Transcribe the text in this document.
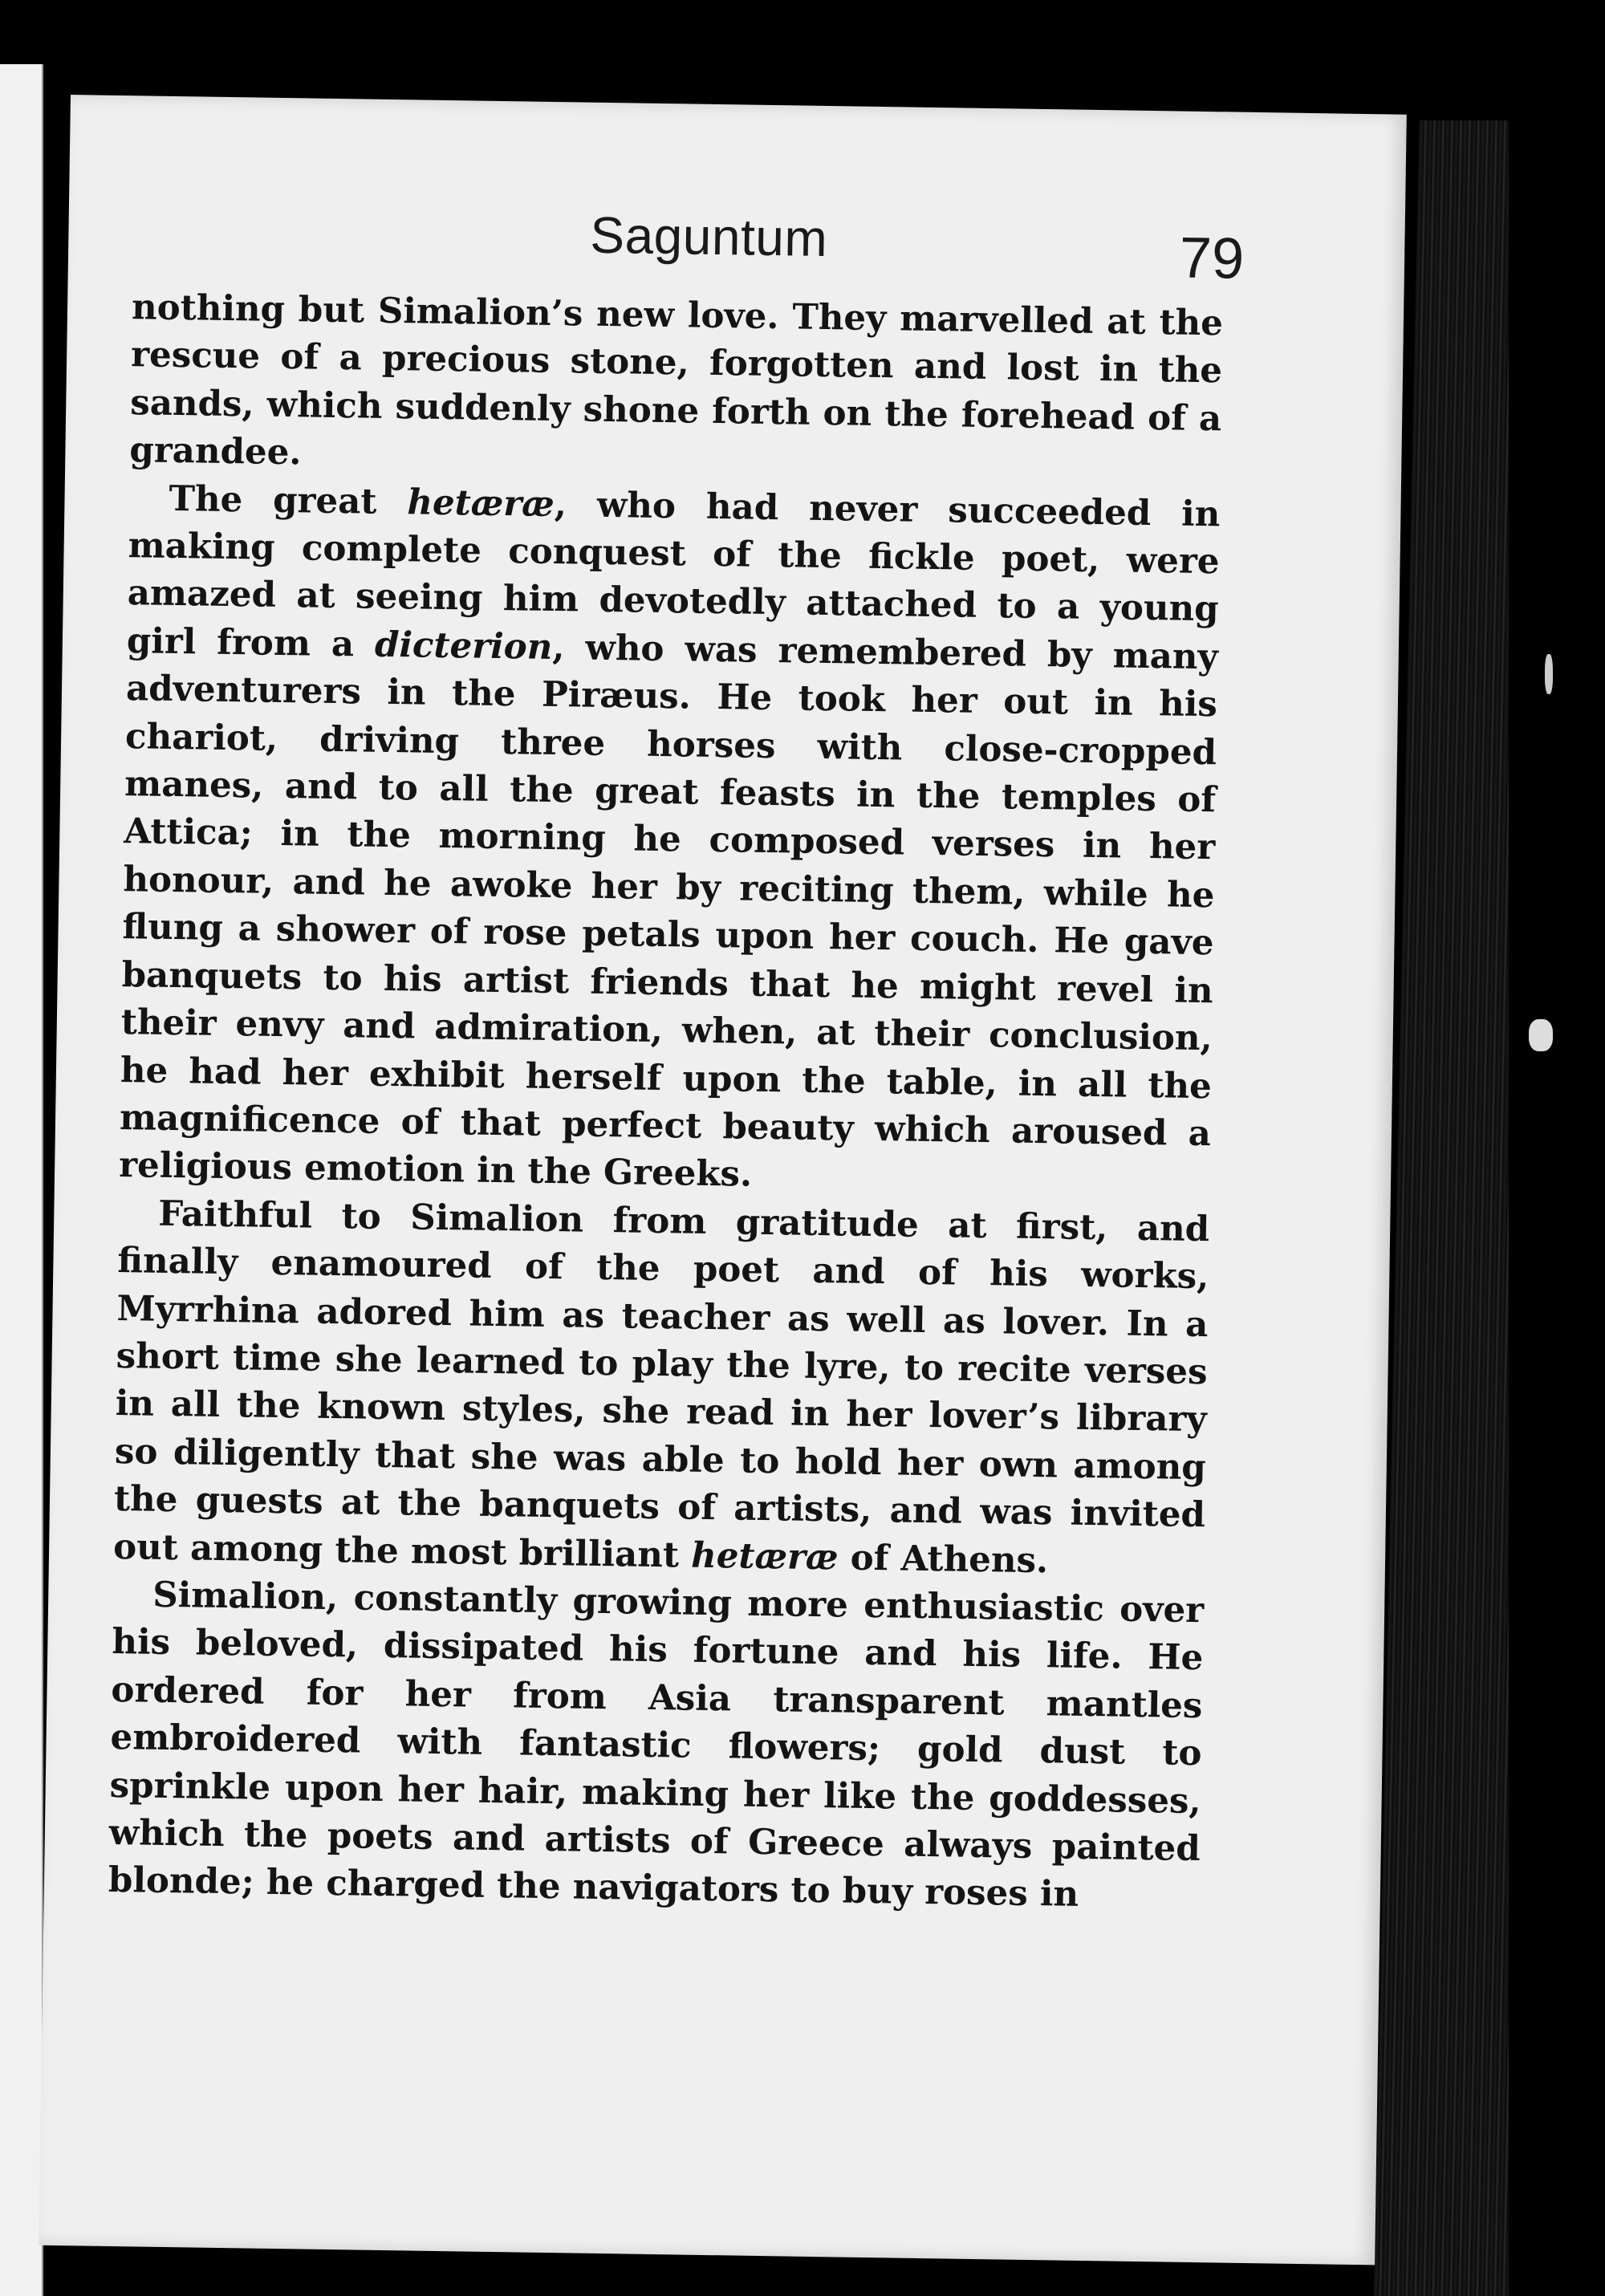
Saguntum	79

nothing but Simalion’s new love. They marvelled at the rescue of a precious stone, forgotten and lost in the sands, which suddenly shone forth on the forehead of a grandee.

The great hetæræ, who had never succeeded in making complete conquest of the fickle poet, were amazed at seeing him devotedly attached to a young girl from a dicterion, who was remembered by many adventurers in the Piræus. He took her out in his chariot, driving three horses with close-cropped manes, and to all the great feasts in the temples of Attica; in the morning he composed verses in her honour, and he awoke her by reciting them, while he flung a shower of rose petals upon her couch. He gave banquets to his artist friends that he might revel in their envy and admiration, when, at their conclusion, he had her exhibit herself upon the table, in all the magnificence of that perfect beauty which aroused a religious emotion in the Greeks.

Faithful to Simalion from gratitude at first, and finally enamoured of the poet and of his works, Myrrhina adored him as teacher as well as lover. In a short time she learned to play the lyre, to recite verses in all the known styles, she read in her lover’s library so diligently that she was able to hold her own among the guests at the banquets of artists, and was invited out among the most brilliant hetæræ of Athens.

Simalion, constantly growing more enthusiastic over his beloved, dissipated his fortune and his life. He ordered for her from Asia transparent mantles embroidered with fantastic flowers; gold dust to sprinkle upon her hair, making her like the goddesses, which the poets and artists of Greece always painted blonde; he charged the navigators to buy roses in
